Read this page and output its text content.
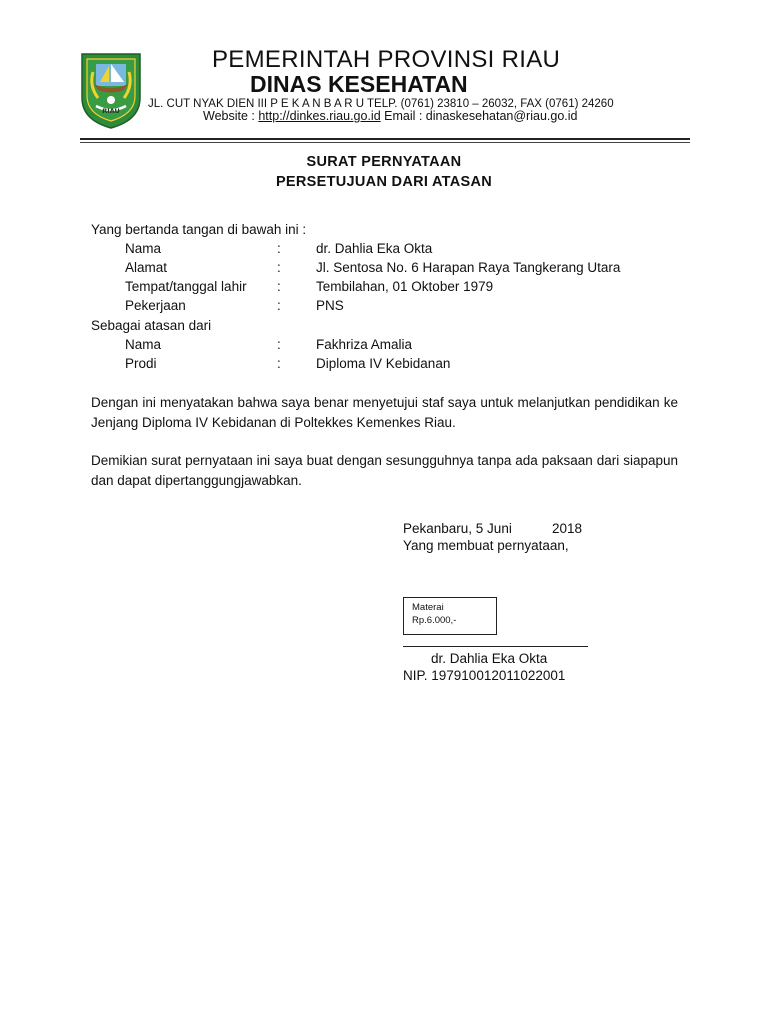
RIAU
PEMERINTAH PROVINSI RIAU
DINAS KESEHATAN
JL. CUT NYAK DIEN III P E K A N B A R U TELP. (0761) 23810 – 26032, FAX (0761) 24260
Website : http://dinkes.riau.go.id Email : dinaskesehatan@riau.go.id
SURAT PERNYATAAN
PERSETUJUAN DARI ATASAN
Yang bertanda tangan di bawah ini :
Nama	:	dr. Dahlia Eka Okta
Alamat	:	Jl. Sentosa No. 6 Harapan Raya Tangkerang Utara
Tempat/tanggal lahir :	Tembilahan, 01 Oktober 1979
Pekerjaan	:	PNS
Sebagai atasan dari
Nama	:	Fakhriza Amalia
Prodi	:	Diploma IV Kebidanan
Dengan ini menyatakan bahwa saya benar menyetujui staf saya untuk melanjutkan pendidikan ke Jenjang Diploma IV Kebidanan di Poltekkes Kemenkes Riau.
Demikian surat pernyataan ini saya buat dengan sesungguhnya tanpa ada paksaan dari siapapun dan dapat dipertanggungjawabkan.
Pekanbaru, 5 Juni	2018
Yang membuat pernyataan,
Materai
Rp.6.000,-
dr. Dahlia Eka Okta
NIP. 197910012011022001
